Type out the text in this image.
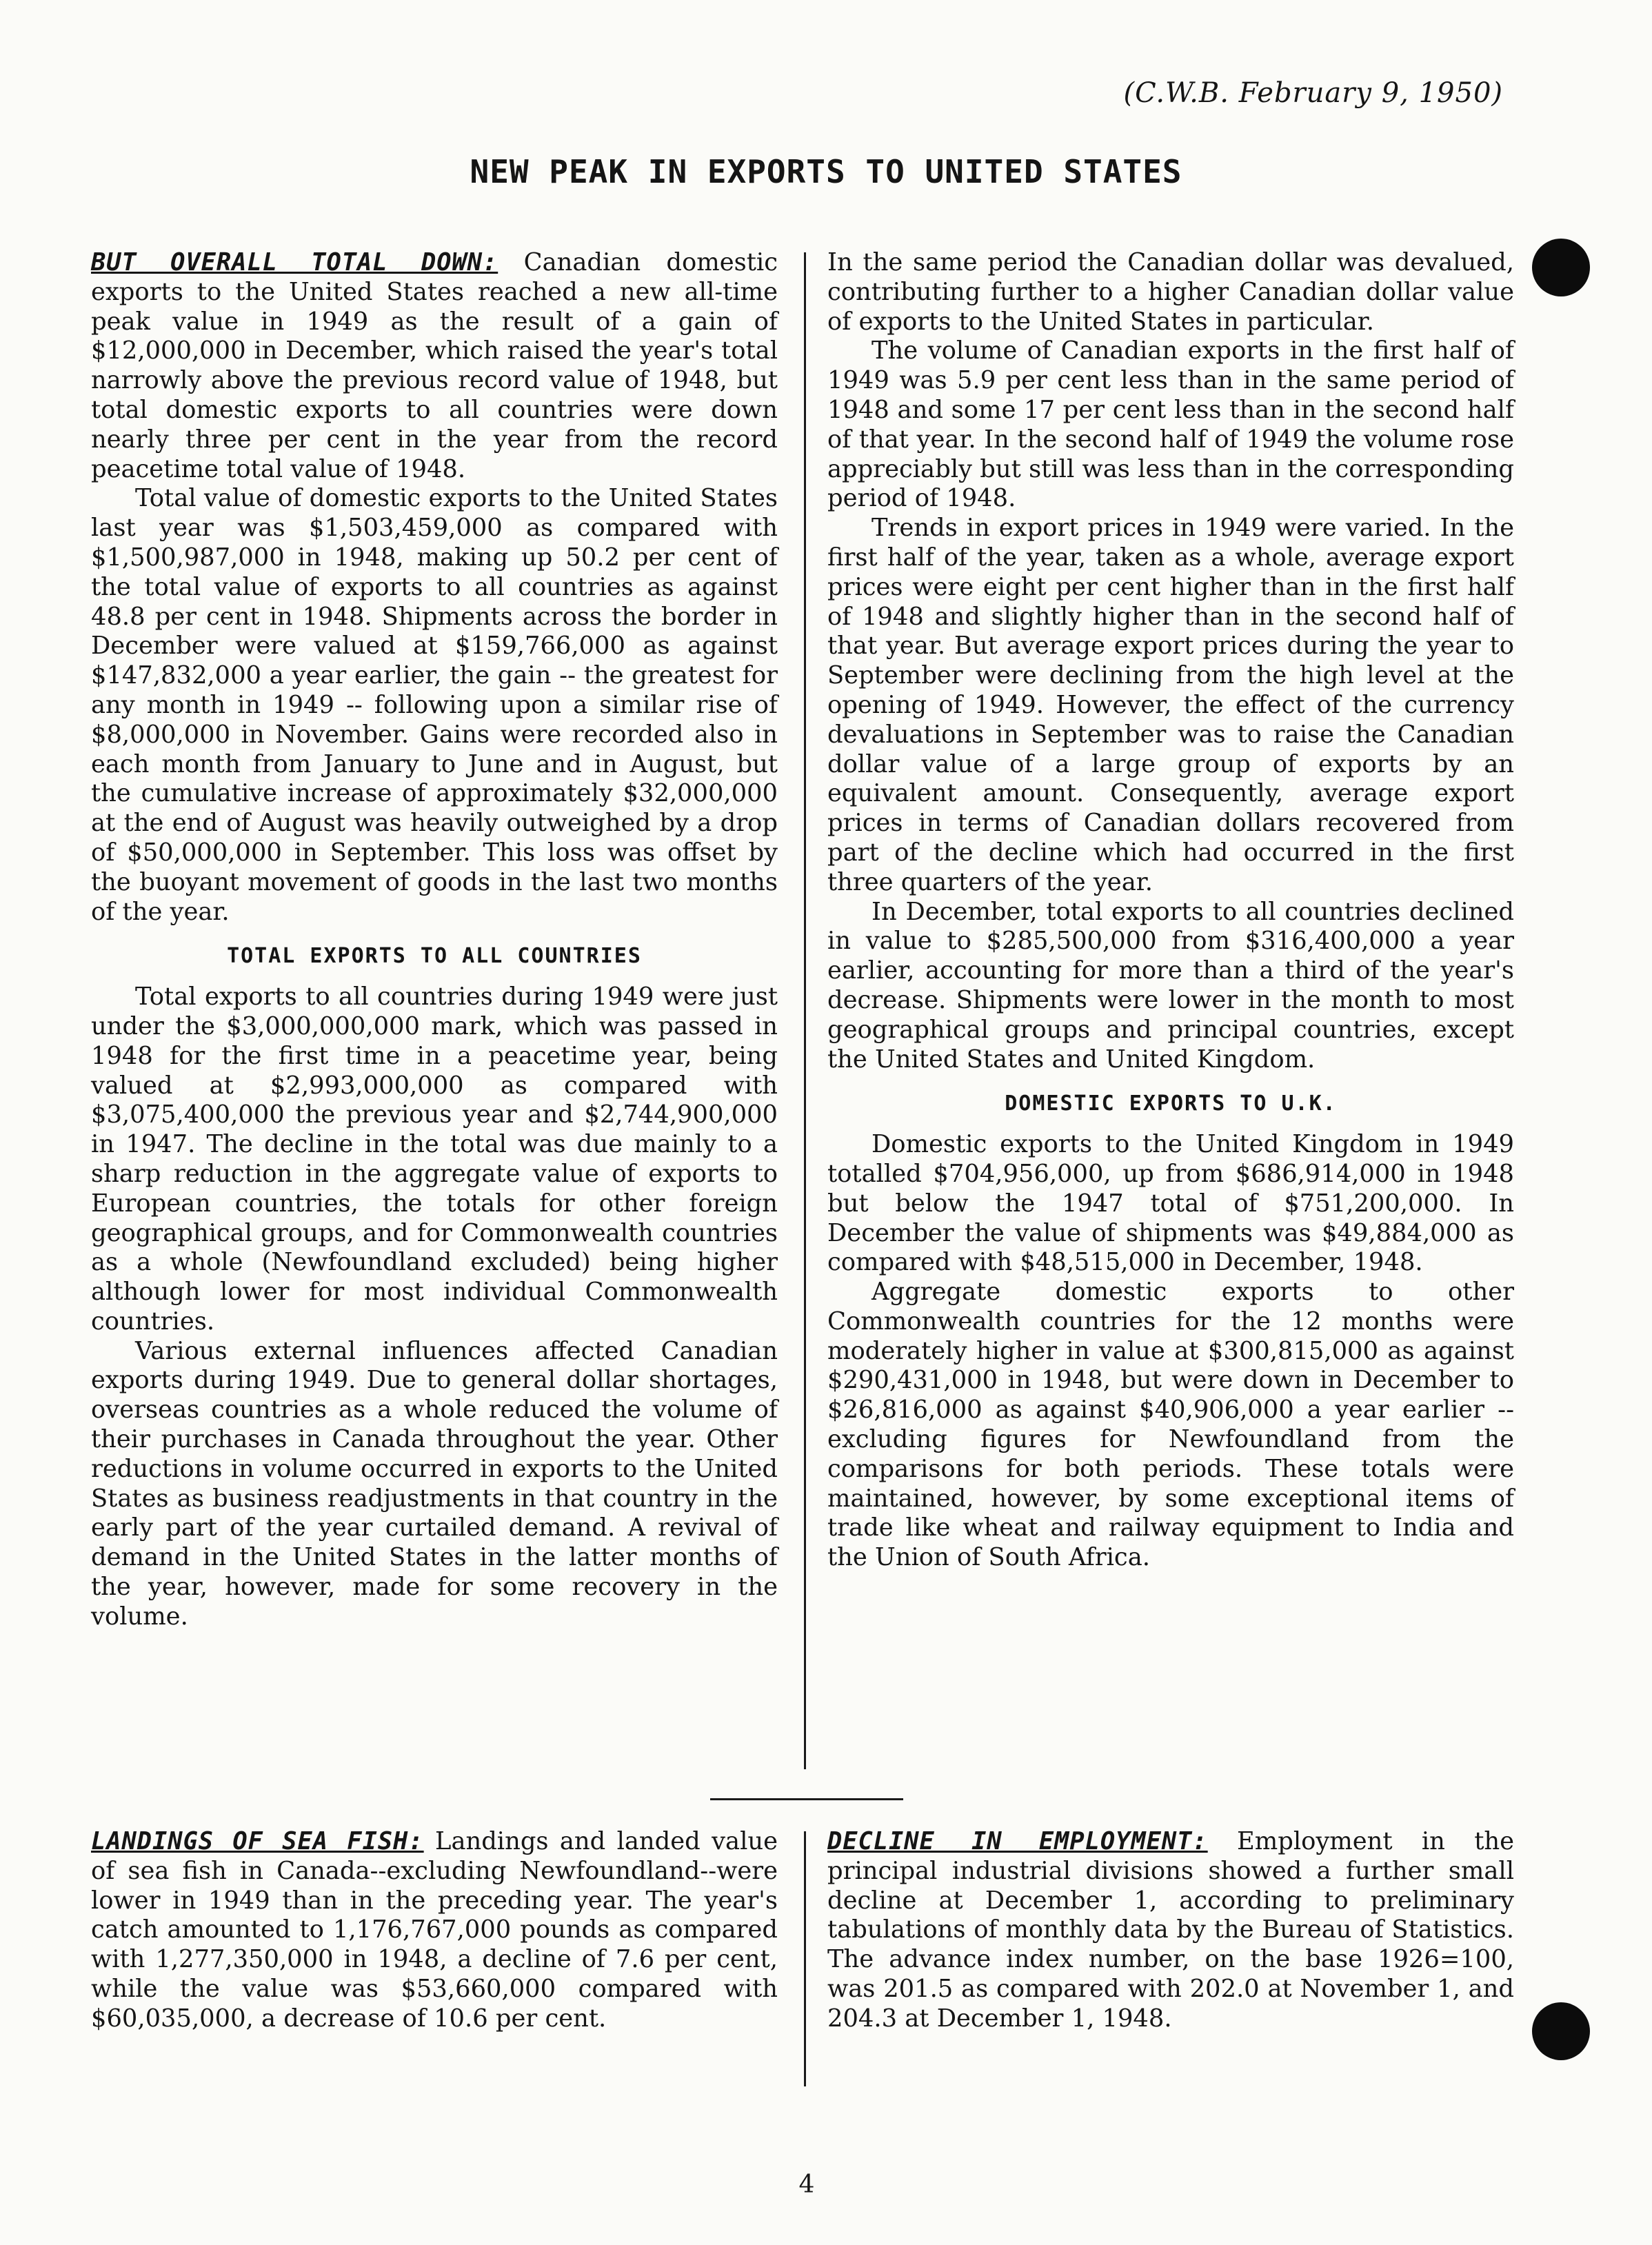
(C.W.B. February 9, 1950)
NEW PEAK IN EXPORTS TO UNITED STATES

BUT OVERALL TOTAL DOWN: Canadian domestic exports to the United States reached a new all-time peak value in 1949 as the result of a gain of $12,000,000 in December, which raised the year's total narrowly above the previous record value of 1948, but total domestic exports to all countries were down nearly three per cent in the year from the record peacetime total value of 1948.

Total value of domestic exports to the United States last year was $1,503,459,000 as compared with $1,500,987,000 in 1948, making up 50.2 per cent of the total value of exports to all countries as against 48.8 per cent in 1948. Shipments across the border in December were valued at $159,766,000 as against $147,832,000 a year earlier, the gain -- the greatest for any month in 1949 -- following upon a similar rise of $8,000,000 in November. Gains were recorded also in each month from January to June and in August, but the cumulative increase of approximately $32,000,000 at the end of August was heavily outweighed by a drop of $50,000,000 in September. This loss was offset by the buoyant movement of goods in the last two months of the year.

TOTAL EXPORTS TO ALL COUNTRIES

Total exports to all countries during 1949 were just under the $3,000,000,000 mark, which was passed in 1948 for the first time in a peacetime year, being valued at $2,993,000,000 as compared with $3,075,400,000 the previous year and $2,744,900,000 in 1947. The decline in the total was due mainly to a sharp reduction in the aggregate value of exports to European countries, the totals for other foreign geographical groups, and for Commonwealth countries as a whole (Newfoundland excluded) being higher although lower for most individual Commonwealth countries.

Various external influences affected Canadian exports during 1949. Due to general dollar shortages, overseas countries as a whole reduced the volume of their purchases in Canada throughout the year. Other reductions in volume occurred in exports to the United States as business readjustments in that country in the early part of the year curtailed demand. A revival of demand in the United States in the latter months of the year, however, made for some recovery in the volume.

In the same period the Canadian dollar was devalued, contributing further to a higher Canadian dollar value of exports to the United States in particular.

The volume of Canadian exports in the first half of 1949 was 5.9 per cent less than in the same period of 1948 and some 17 per cent less than in the second half of that year. In the second half of 1949 the volume rose appreciably but still was less than in the corresponding period of 1948.

Trends in export prices in 1949 were varied. In the first half of the year, taken as a whole, average export prices were eight per cent higher than in the first half of 1948 and slightly higher than in the second half of that year. But average export prices during the year to September were declining from the high level at the opening of 1949. However, the effect of the currency devaluations in September was to raise the Canadian dollar value of a large group of exports by an equivalent amount. Consequently, average export prices in terms of Canadian dollars recovered from part of the decline which had occurred in the first three quarters of the year.

In December, total exports to all countries declined in value to $285,500,000 from $316,400,000 a year earlier, accounting for more than a third of the year's decrease. Shipments were lower in the month to most geographical groups and principal countries, except the United States and United Kingdom.

DOMESTIC EXPORTS TO U.K.

Domestic exports to the United Kingdom in 1949 totalled $704,956,000, up from $686,914,000 in 1948 but below the 1947 total of $751,200,000. In December the value of shipments was $49,884,000 as compared with $48,515,000 in December, 1948.

Aggregate domestic exports to other Commonwealth countries for the 12 months were moderately higher in value at $300,815,000 as against $290,431,000 in 1948, but were down in December to $26,816,000 as against $40,906,000 a year earlier -- excluding figures for Newfoundland from the comparisons for both periods. These totals were maintained, however, by some exceptional items of trade like wheat and railway equipment to India and the Union of South Africa.

LANDINGS OF SEA FISH: Landings and landed value of sea fish in Canada--excluding Newfoundland--were lower in 1949 than in the preceding year. The year's catch amounted to 1,176,767,000 pounds as compared with 1,277,350,000 in 1948, a decline of 7.6 per cent, while the value was $53,660,000 compared with $60,035,000, a decrease of 10.6 per cent.

DECLINE IN EMPLOYMENT: Employment in the principal industrial divisions showed a further small decline at December 1, according to preliminary tabulations of monthly data by the Bureau of Statistics. The advance index number, on the base 1926=100, was 201.5 as compared with 202.0 at November 1, and 204.3 at December 1, 1948.

4
